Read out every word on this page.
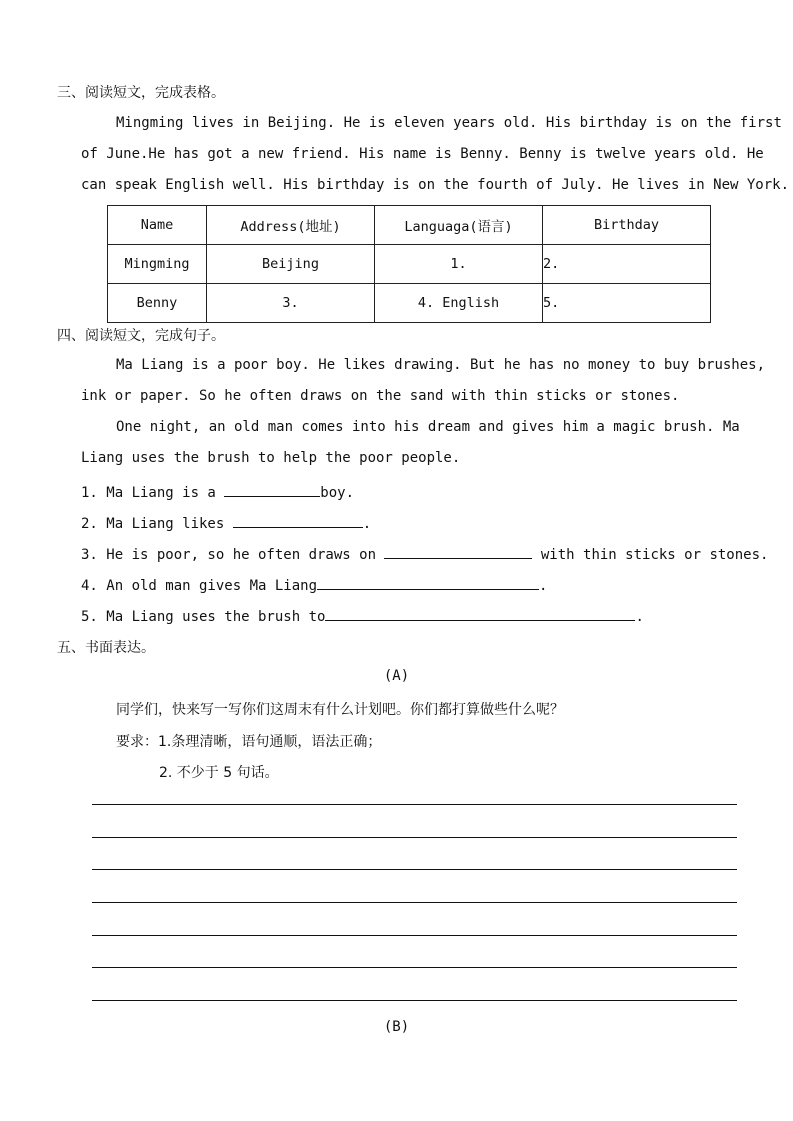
三、阅读短文，完成表格。
Mingming lives in Beijing. He is eleven years old. His birthday is on the first
of June.He has got a new friend. His name is Benny. Benny is twelve years old. He
can speak English well. His birthday is on the fourth of July. He lives in New York.
Name	Address(地址)	Languaga(语言)	Birthday
Mingming	Beijing	1.	2.
Benny	3.	4. English	5.
四、阅读短文，完成句子。
Ma Liang is a poor boy. He likes drawing. But he has no money to buy brushes,
ink or paper. So he often draws on the sand with thin sticks or stones.
One night, an old man comes into his dream and gives him a magic brush. Ma
Liang uses the brush to help the poor people.
1. Ma Liang is a	boy.
2. Ma Liang likes	.
3. He is poor, so he often draws on	with thin sticks or stones.
4. An old man gives Ma Liang	.
5. Ma Liang uses the brush to	.
五、书面表达。
(A)
同学们，快来写一写你们这周末有什么计划吧。你们都打算做些什么呢？
要求：1.条理清晰，语句通顺，语法正确；
2. 不少于 5 句话。
(B)
